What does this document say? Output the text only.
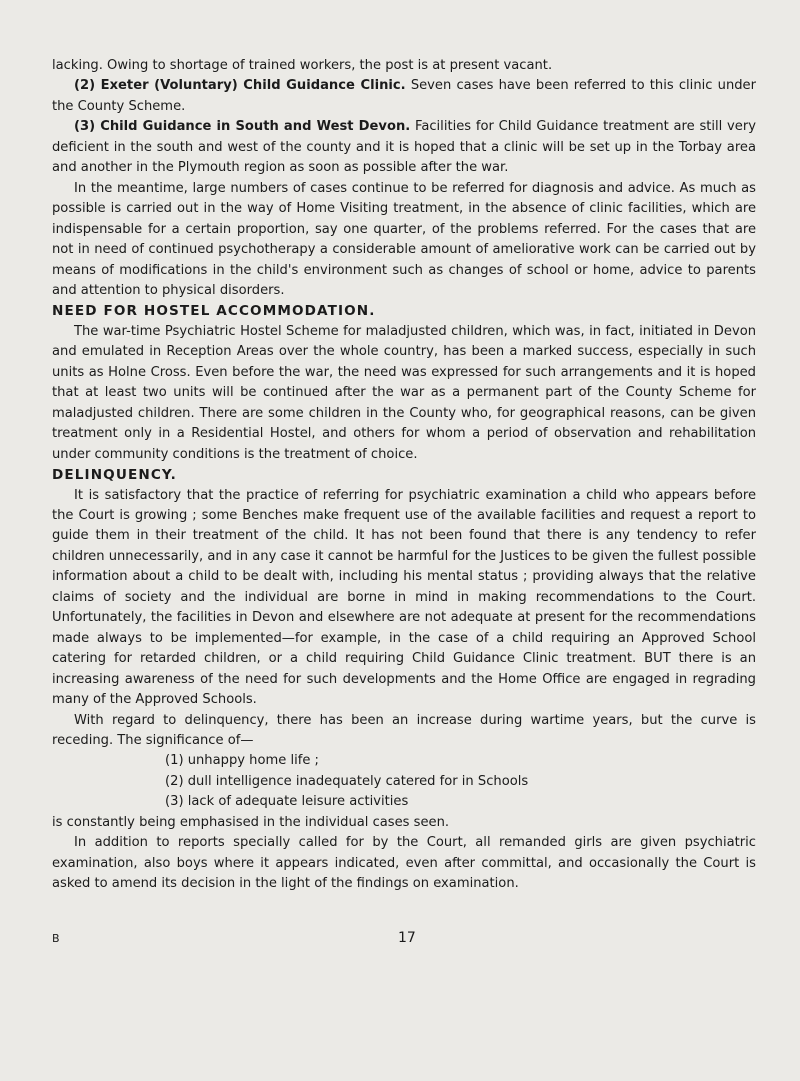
lacking. Owing to shortage of trained workers, the post is at present vacant.

(2) Exeter (Voluntary) Child Guidance Clinic. Seven cases have been referred to this clinic under the County Scheme.

(3) Child Guidance in South and West Devon. Facilities for Child Guidance treatment are still very deficient in the south and west of the county and it is hoped that a clinic will be set up in the Torbay area and another in the Plymouth region as soon as possible after the war.

In the meantime, large numbers of cases continue to be referred for diagnosis and advice. As much as possible is carried out in the way of Home Visiting treatment, in the absence of clinic facilities, which are indispensable for a certain proportion, say one quarter, of the problems referred. For the cases that are not in need of continued psychotherapy a considerable amount of ameliorative work can be carried out by means of modifications in the child's environment such as changes of school or home, advice to parents and attention to physical disorders.

NEED FOR HOSTEL ACCOMMODATION.

The war-time Psychiatric Hostel Scheme for maladjusted children, which was, in fact, initiated in Devon and emulated in Reception Areas over the whole country, has been a marked success, especially in such units as Holne Cross. Even before the war, the need was expressed for such arrangements and it is hoped that at least two units will be continued after the war as a permanent part of the County Scheme for maladjusted children. There are some children in the County who, for geographical reasons, can be given treatment only in a Residential Hostel, and others for whom a period of observation and rehabilitation under community conditions is the treatment of choice.

DELINQUENCY.

It is satisfactory that the practice of referring for psychiatric examination a child who appears before the Court is growing ; some Benches make frequent use of the available facilities and request a report to guide them in their treatment of the child. It has not been found that there is any tendency to refer children unnecessarily, and in any case it cannot be harmful for the Justices to be given the fullest possible information about a child to be dealt with, including his mental status ; providing always that the relative claims of society and the individual are borne in mind in making recommendations to the Court. Unfortunately, the facilities in Devon and elsewhere are not adequate at present for the recommendations made always to be implemented—for example, in the case of a child requiring an Approved School catering for retarded children, or a child requiring Child Guidance Clinic treatment. BUT there is an increasing awareness of the need for such developments and the Home Office are engaged in regrading many of the Approved Schools.

With regard to delinquency, there has been an increase during wartime years, but the curve is receding. The significance of—

(1) unhappy home life ;

(2) dull intelligence inadequately catered for in Schools

(3) lack of adequate leisure activities

is constantly being emphasised in the individual cases seen.

In addition to reports specially called for by the Court, all remanded girls are given psychiatric examination, also boys where it appears indicated, even after committal, and occasionally the Court is asked to amend its decision in the light of the findings on examination.

B	17
